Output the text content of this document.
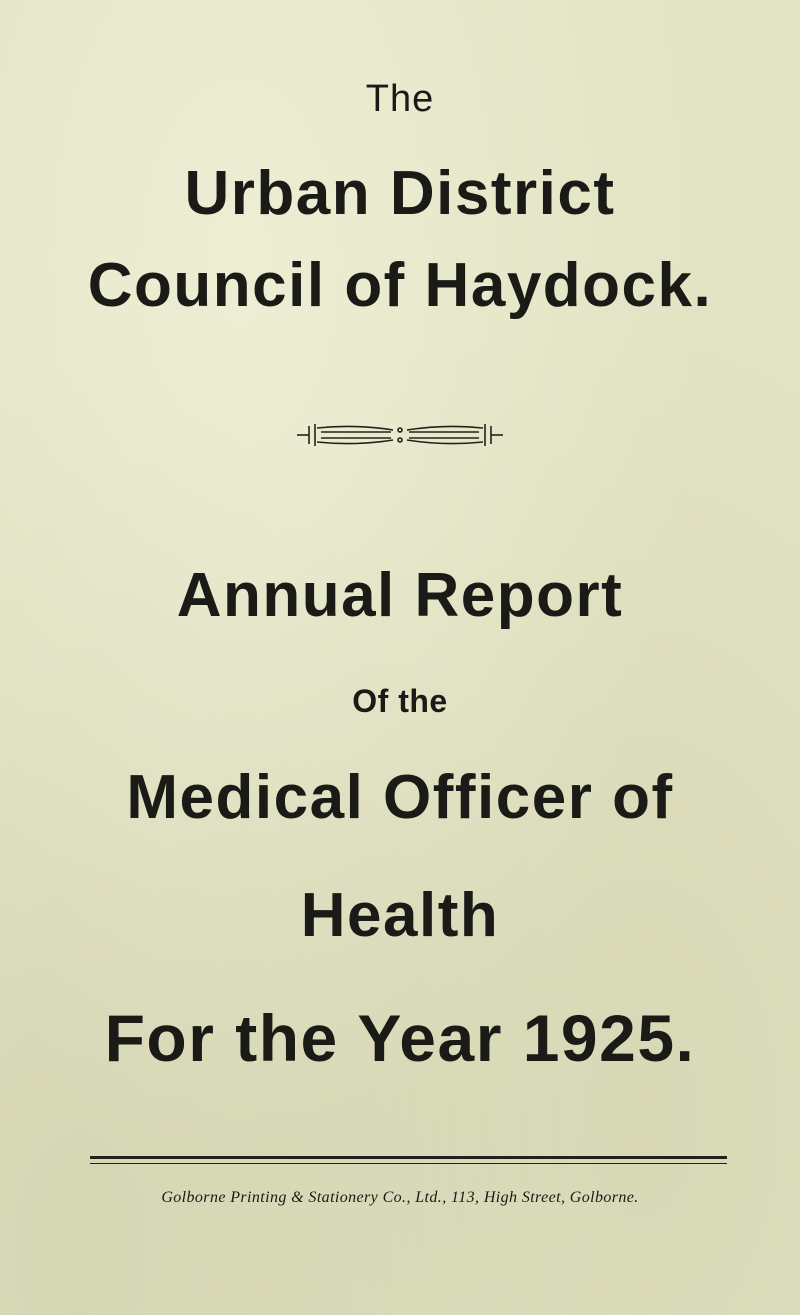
The
Urban District
Council of Haydock.
Annual Report
Of the
Medical Officer of
Health
For the Year 1925.
Golborne Printing & Stationery Co., Ltd., 113, High Street, Golborne.
